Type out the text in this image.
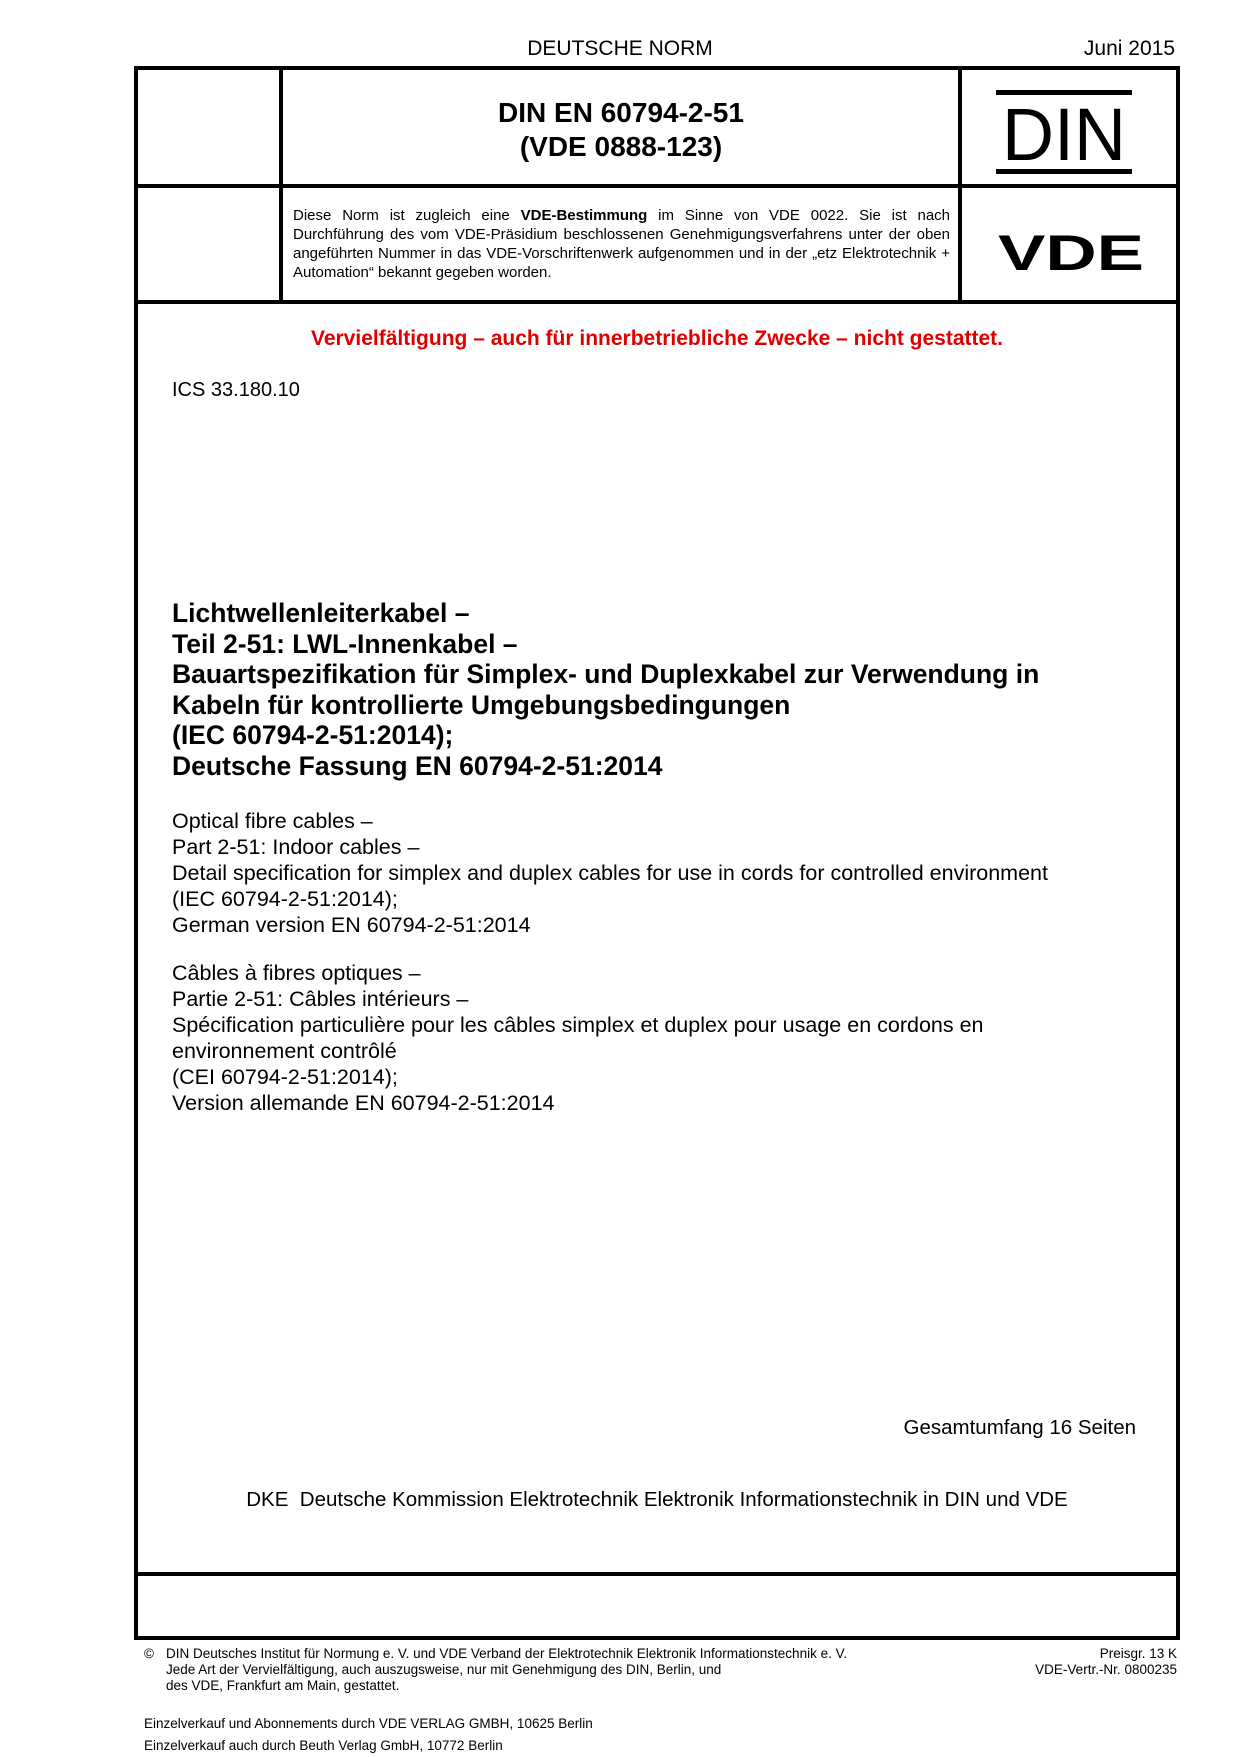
DEUTSCHE NORM	Juni 2015
DIN EN 60794-2-51
(VDE 0888-123)	DIN
Diese Norm ist zugleich eine VDE-Bestimmung im Sinne von VDE 0022. Sie ist nach Durchführung des vom VDE-Präsidium beschlossenen Genehmigungsverfahrens unter der oben angeführten Nummer in das VDE-Vorschriftenwerk aufgenommen und in der „etz Elektrotechnik + Automation“ bekannt gegeben worden.	VDE
Vervielfältigung – auch für innerbetriebliche Zwecke – nicht gestattet.
ICS 33.180.10
Lichtwellenleiterkabel –
Teil 2-51: LWL-Innenkabel –
Bauartspezifikation für Simplex- und Duplexkabel zur Verwendung in
Kabeln für kontrollierte Umgebungsbedingungen
(IEC 60794-2-51:2014);
Deutsche Fassung EN 60794-2-51:2014
Optical fibre cables –
Part 2-51: Indoor cables –
Detail specification for simplex and duplex cables for use in cords for controlled environment
(IEC 60794-2-51:2014);
German version EN 60794-2-51:2014
Câbles à fibres optiques –
Partie 2-51: Câbles intérieurs –
Spécification particulière pour les câbles simplex et duplex pour usage en cordons en
environnement contrôlé
(CEI 60794-2-51:2014);
Version allemande EN 60794-2-51:2014
Gesamtumfang 16 Seiten
DKE  Deutsche Kommission Elektrotechnik Elektronik Informationstechnik in DIN und VDE
© DIN Deutsches Institut für Normung e. V. und VDE Verband der Elektrotechnik Elektronik Informationstechnik e. V.
Jede Art der Vervielfältigung, auch auszugsweise, nur mit Genehmigung des DIN, Berlin, und
des VDE, Frankfurt am Main, gestattet.
Preisgr. 13 K
VDE-Vertr.-Nr. 0800235
Einzelverkauf und Abonnements durch VDE VERLAG GMBH, 10625 Berlin
Einzelverkauf auch durch Beuth Verlag GmbH, 10772 Berlin
